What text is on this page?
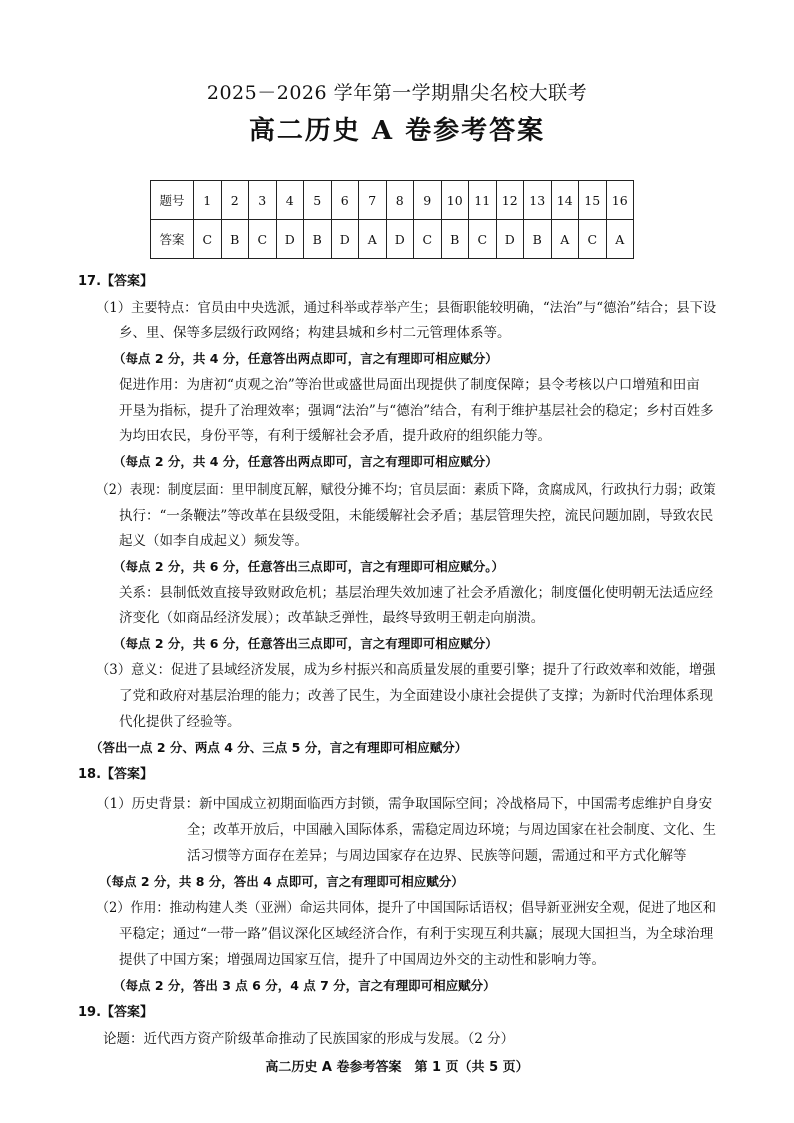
2025－2026 学年第一学期鼎尖名校大联考
高二历史 A 卷参考答案
题号	1	2	3	4	5	6	7	8	9	10	11	12	13	14	15	16
答案	C	B	C	D	B	D	A	D	C	B	C	D	B	A	C	A
17.【答案】
（1）主要特点：官员由中央选派，通过科举或荐举产生；县衙职能较明确，“法治”与“德治”结合；县下设
乡、里、保等多层级行政网络；构建县城和乡村二元管理体系等。
（每点 2 分，共 4 分，任意答出两点即可，言之有理即可相应赋分）
促进作用：为唐初“贞观之治”等治世或盛世局面出现提供了制度保障；县令考核以户口增殖和田亩
开垦为指标，提升了治理效率；强调“法治”与“德治”结合，有利于维护基层社会的稳定；乡村百姓多
为均田农民，身份平等，有利于缓解社会矛盾，提升政府的组织能力等。
（每点 2 分，共 4 分，任意答出两点即可，言之有理即可相应赋分）
（2）表现：制度层面：里甲制度瓦解，赋役分摊不均；官员层面：素质下降，贪腐成风，行政执行力弱；政策
执行：“一条鞭法”等改革在县级受阻，未能缓解社会矛盾；基层管理失控，流民问题加剧，导致农民
起义（如李自成起义）频发等。
（每点 2 分，共 6 分，任意答出三点即可，言之有理即可相应赋分。）
关系：县制低效直接导致财政危机；基层治理失效加速了社会矛盾激化；制度僵化使明朝无法适应经
济变化（如商品经济发展）；改革缺乏弹性，最终导致明王朝走向崩溃。
（每点 2 分，共 6 分，任意答出三点即可，言之有理即可相应赋分）
（3）意义：促进了县域经济发展，成为乡村振兴和高质量发展的重要引擎；提升了行政效率和效能，增强
了党和政府对基层治理的能力；改善了民生，为全面建设小康社会提供了支撑；为新时代治理体系现
代化提供了经验等。
（答出一点 2 分、两点 4 分、三点 5 分，言之有理即可相应赋分）
18.【答案】
（1）历史背景：新中国成立初期面临西方封锁，需争取国际空间；冷战格局下，中国需考虑维护自身安
全；改革开放后，中国融入国际体系，需稳定周边环境；与周边国家在社会制度、文化、生
活习惯等方面存在差异；与周边国家存在边界、民族等问题，需通过和平方式化解等
（每点 2 分，共 8 分，答出 4 点即可，言之有理即可相应赋分）
（2）作用：推动构建人类（亚洲）命运共同体，提升了中国国际话语权；倡导新亚洲安全观，促进了地区和
平稳定；通过“一带一路”倡议深化区域经济合作，有利于实现互利共赢；展现大国担当，为全球治理
提供了中国方案；增强周边国家互信，提升了中国周边外交的主动性和影响力等。
（每点 2 分，答出 3 点 6 分，4 点 7 分，言之有理即可相应赋分）
19.【答案】
论题：近代西方资产阶级革命推动了民族国家的形成与发展。（2 分）
高二历史 A 卷参考答案　第 1 页（共 5 页）
